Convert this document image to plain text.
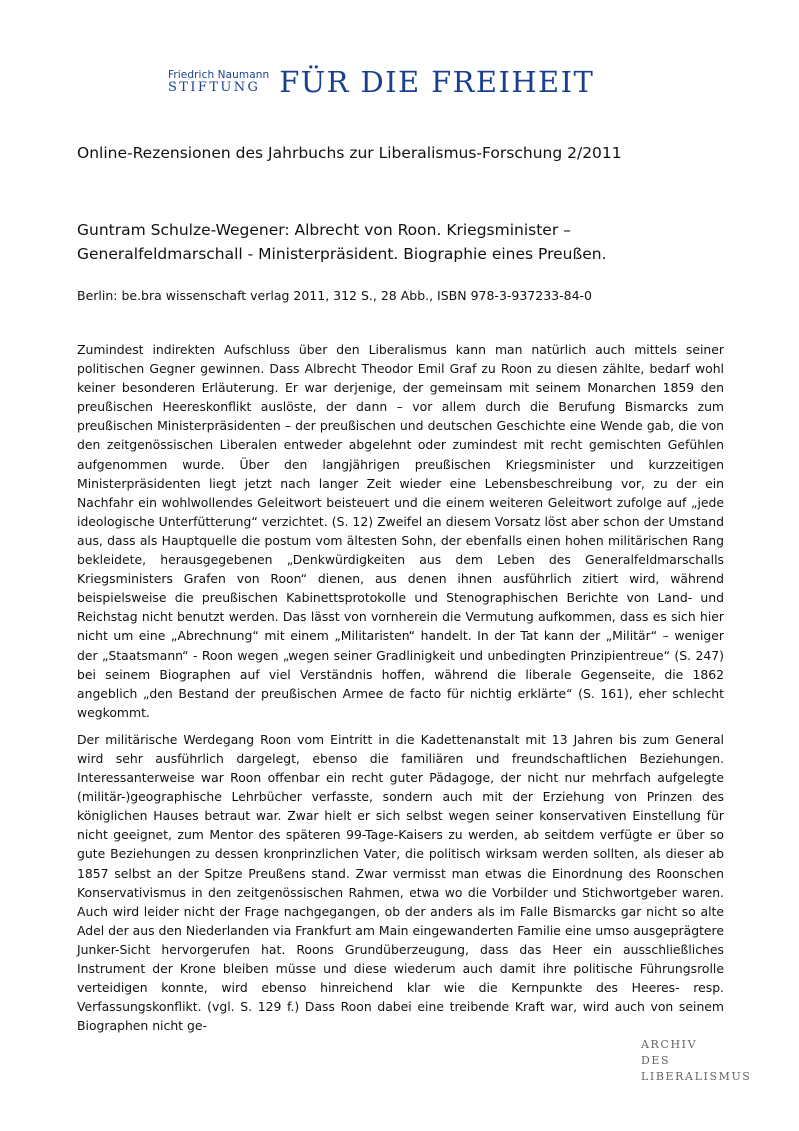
Friedrich Naumann
STIFTUNG FÜR DIE FREIHEIT
Online-Rezensionen des Jahrbuchs zur Liberalismus-Forschung 2/2011
Guntram Schulze-Wegener: Albrecht von Roon. Kriegsminister – Generalfeldmarschall - Ministerpräsident. Biographie eines Preußen.

Berlin: be.bra wissenschaft verlag 2011, 312 S., 28 Abb., ISBN 978-3-937233-84-0

Zumindest indirekten Aufschluss über den Liberalismus kann man natürlich auch mittels seiner politischen Gegner gewinnen. Dass Albrecht Theodor Emil Graf zu Roon zu diesen zählte, bedarf wohl keiner besonderen Erläuterung. Er war derjenige, der gemeinsam mit seinem Monarchen 1859 den preußischen Heereskonflikt auslöste, der dann – vor allem durch die Berufung Bismarcks zum preußischen Ministerpräsidenten – der preußischen und deutschen Geschichte eine Wende gab, die von den zeitgenössischen Liberalen entweder abgelehnt oder zumindest mit recht gemischten Gefühlen aufgenommen wurde. Über den langjährigen preußischen Kriegsminister und kurzzeitigen Ministerpräsidenten liegt jetzt nach langer Zeit wieder eine Lebensbeschreibung vor, zu der ein Nachfahr ein wohlwollendes Geleitwort beisteuert und die einem weiteren Geleitwort zufolge auf „jede ideologische Unterfütterung“ verzichtet. (S. 12) Zweifel an diesem Vorsatz löst aber schon der Umstand aus, dass als Hauptquelle die postum vom ältesten Sohn, der ebenfalls einen hohen militärischen Rang bekleidete, herausgegebenen „Denkwürdigkeiten aus dem Leben des Generalfeldmarschalls Kriegsministers Grafen von Roon“ dienen, aus denen ihnen ausführlich zitiert wird, während beispielsweise die preußischen Kabinettsprotokolle und Stenographischen Berichte von Land- und Reichstag nicht benutzt werden. Das lässt von vornherein die Vermutung aufkommen, dass es sich hier nicht um eine „Abrechnung“ mit einem „Militaristen“ handelt. In der Tat kann der „Militär“ – weniger der „Staatsmann“ - Roon wegen „wegen seiner Gradlinigkeit und unbedingten Prinzipientreue“ (S. 247) bei seinem Biographen auf viel Verständnis hoffen, während die liberale Gegenseite, die 1862 angeblich „den Bestand der preußischen Armee de facto für nichtig erklärte“ (S. 161), eher schlecht wegkommt.

Der militärische Werdegang Roon vom Eintritt in die Kadettenanstalt mit 13 Jahren bis zum General wird sehr ausführlich dargelegt, ebenso die familiären und freundschaftlichen Beziehungen. Interessanterweise war Roon offenbar ein recht guter Pädagoge, der nicht nur mehrfach aufgelegte (militär-)geographische Lehrbücher verfasste, sondern auch mit der Erziehung von Prinzen des königlichen Hauses betraut war. Zwar hielt er sich selbst wegen seiner konservativen Einstellung für nicht geeignet, zum Mentor des späteren 99-Tage-Kaisers zu werden, ab seitdem verfügte er über so gute Beziehungen zu dessen kronprinzlichen Vater, die politisch wirksam werden sollten, als dieser ab 1857 selbst an der Spitze Preußens stand. Zwar vermisst man etwas die Einordnung des Roonschen Konservativismus in den zeitgenössischen Rahmen, etwa wo die Vorbilder und Stichwortgeber waren. Auch wird leider nicht der Frage nachgegangen, ob der anders als im Falle Bismarcks gar nicht so alte Adel der aus den Niederlanden via Frankfurt am Main eingewanderten Familie eine umso ausgeprägtere Junker-Sicht hervorgerufen hat. Roons Grundüberzeugung, dass das Heer ein ausschließliches Instrument der Krone bleiben müsse und diese wiederum auch damit ihre politische Führungsrolle verteidigen konnte, wird ebenso hinreichend klar wie die Kernpunkte des Heeres- resp. Verfassungskonflikt. (vgl. S. 129 f.) Dass Roon dabei eine treibende Kraft war, wird auch von seinem Biographen nicht ge-

ARCHIV
DES
LIBERALISMUS
